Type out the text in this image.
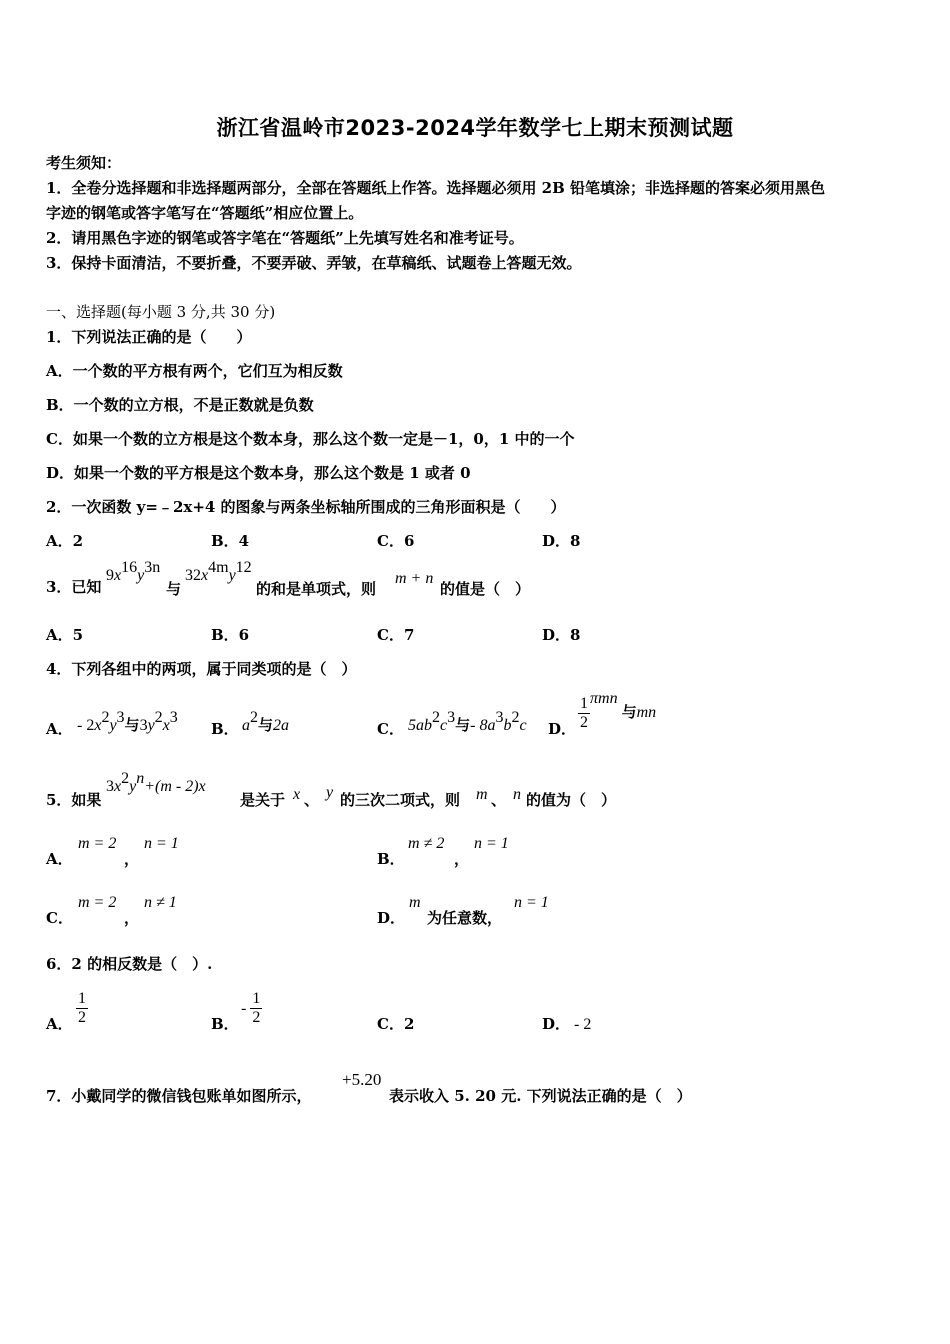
浙江省温岭市2023-2024学年数学七上期末预测试题
考生须知：
1．全卷分选择题和非选择题两部分，全部在答题纸上作答。选择题必须用 2B 铅笔填涂；非选择题的答案必须用黑色
字迹的钢笔或答字笔写在“答题纸”相应位置上。
2．请用黑色字迹的钢笔或答字笔在“答题纸”上先填写姓名和准考证号。
3．保持卡面清洁，不要折叠，不要弄破、弄皱，在草稿纸、试题卷上答题无效。
一、选择题(每小题 3 分,共 30 分)
1．下列说法正确的是（　　）
A．一个数的平方根有两个，它们互为相反数
B．一个数的立方根，不是正数就是负数
C．如果一个数的立方根是这个数本身，那么这个数一定是－1，0，1 中的一个
D．如果一个数的平方根是这个数本身，那么这个数是 1 或者 0
2．一次函数 y=﹣2x+4 的图象与两条坐标轴所围成的三角形面积是（　　）
A．2	B．4	C．6	D．8
3．已知
$9x^{16}y^{3n}$
与
$32x^{4m}y^{12}$
的和是单项式，则
m + n
的值是（　）
A．5	B．6	C．7	D．8
4．下列各组中的两项，属于同类项的是（　）
A． - $2x^2y^3$与$3y^2x^3$
B． $a^2$与2a	C． $5ab^2c^3$与- $8a^3b^2c$ D． $\frac{1}{2}$ πmn与mn
5．如果
$3x^2y^n+(m - 2)x$
是关于 x 、 y 的三次二项式，则 m 、 n 的值为（　）
A．
m = 2
，
n = 1
B．
m ≠ 2
，
n = 1
C．
m = 2
，
n ≠ 1
D．
m
为任意数，
n = 1
6．2 的相反数是（　）.
A． $\frac{1}{2}$	B．
- $\frac{1}{2}$	C．2	D． - 2
7．小戴同学的微信钱包账单如图所示，
+5.20
表示收入 5. 20 元. 下列说法正确的是（　）
